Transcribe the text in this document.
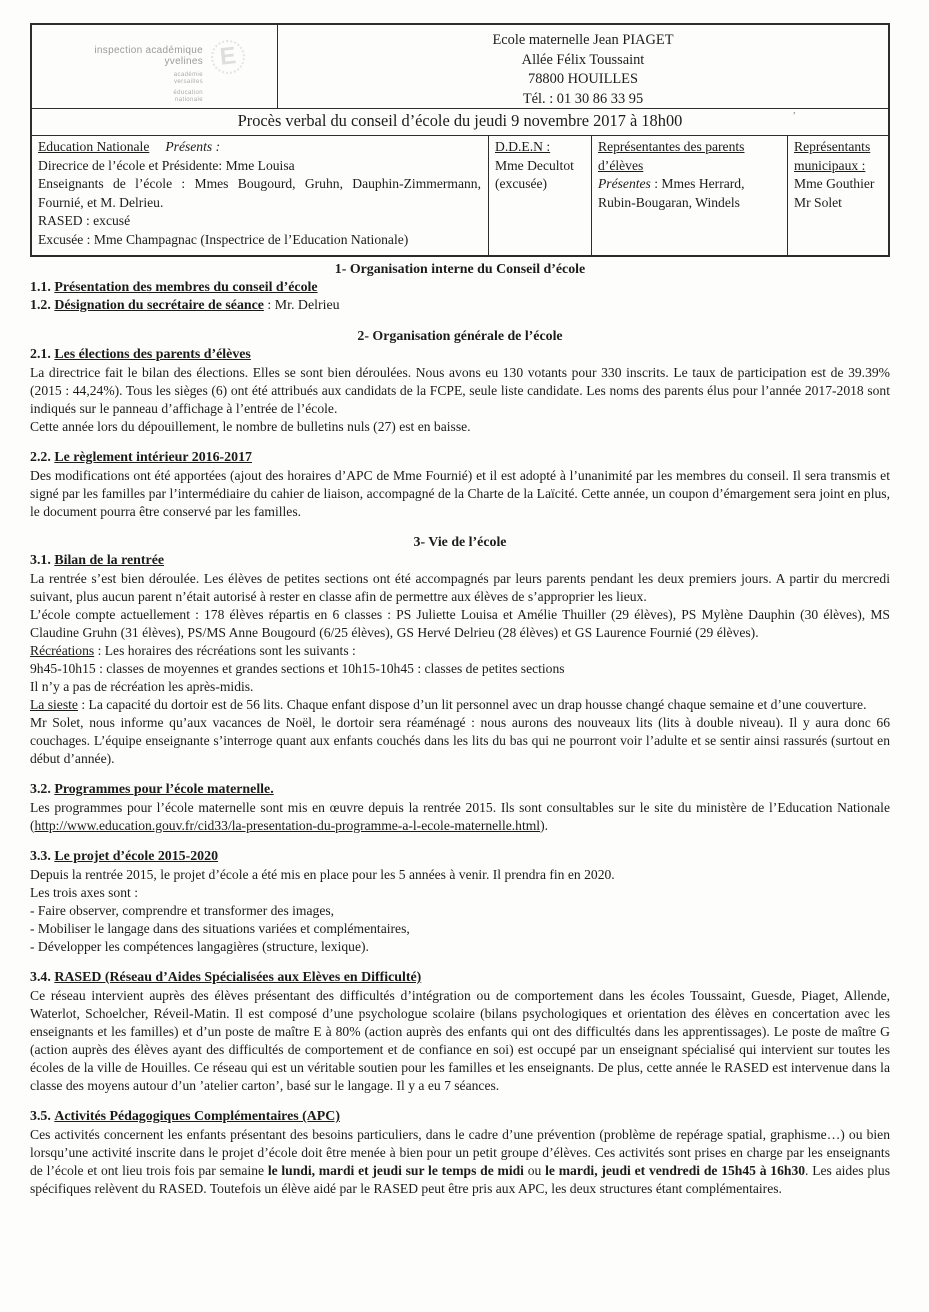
E
inspection académique
yvelines
académie
versailles
éducation
nationale
Ecole maternelle Jean PIAGET
Allée Félix Toussaint
78800 HOUILLES
Tél. : 01 30 86 33 95
Procès verbal du conseil d’école du jeudi 9 novembre 2017 à 18h00	’

Education Nationale Présents :

Direcrice de l’école et Présidente: Mme Louisa

Enseignants de l’école : Mmes Bougourd, Gruhn, Dauphin-Zimmermann, Fournié, et M. Delrieu.

RASED : excusé

Excusée : Mme Champagnac (Inspectrice de l’Education Nationale)

D.D.E.N :

Mme Decultot (excusée)

Représentantes des parents d’élèves

Présentes : Mmes Herrard, Rubin-Bougaran, Windels

Représentants municipaux :

Mme Gouthier

Mr Solet

1- Organisation interne du Conseil d’école

1.1. Présentation des membres du conseil d’école

1.2. Désignation du secrétaire de séance : Mr. Delrieu

2- Organisation générale de l’école

2.1. Les élections des parents d’élèves

La directrice fait le bilan des élections. Elles se sont bien déroulées. Nous avons eu 130 votants pour 330 inscrits. Le taux de participation est de 39.39% (2015 : 44,24%). Tous les sièges (6) ont été attribués aux candidats de la FCPE, seule liste candidate. Les noms des parents élus pour l’année 2017-2018 sont indiqués sur le panneau d’affichage à l’entrée de l’école.

Cette année lors du dépouillement, le nombre de bulletins nuls (27) est en baisse.

2.2. Le règlement intérieur 2016-2017

Des modifications ont été apportées (ajout des horaires d’APC de Mme Fournié) et il est adopté à l’unanimité par les membres du conseil. Il sera transmis et signé par les familles par l’intermédiaire du cahier de liaison, accompagné de la Charte de la Laïcité. Cette année, un coupon d’émargement sera joint en plus, le document pourra être conservé par les familles.

3- Vie de l’école

3.1. Bilan de la rentrée

La rentrée s’est bien déroulée. Les élèves de petites sections ont été accompagnés par leurs parents pendant les deux premiers jours. A partir du mercredi suivant, plus aucun parent n’était autorisé à rester en classe afin de permettre aux élèves de s’approprier les lieux.

L’école compte actuellement : 178 élèves répartis en 6 classes : PS Juliette Louisa et Amélie Thuiller (29 élèves), PS Mylène Dauphin (30 élèves), MS Claudine Gruhn (31 élèves), PS/MS Anne Bougourd (6/25 élèves), GS Hervé Delrieu (28 élèves) et GS Laurence Fournié (29 élèves).

Récréations : Les horaires des récréations sont les suivants :

9h45-10h15 : classes de moyennes et grandes sections et 10h15-10h45 : classes de petites sections

Il n’y a pas de récréation les après-midis.

La sieste : La capacité du dortoir est de 56 lits. Chaque enfant dispose d’un lit personnel avec un drap housse changé chaque semaine et d’une couverture.

Mr Solet, nous informe qu’aux vacances de Noël, le dortoir sera réaménagé : nous aurons des nouveaux lits (lits à double niveau). Il y aura donc 66 couchages. L’équipe enseignante s’interroge quant aux enfants couchés dans les lits du bas qui ne pourront voir l’adulte et se sentir ainsi rassurés (surtout en début d’année).

3.2. Programmes pour l’école maternelle.

Les programmes pour l’école maternelle sont mis en œuvre depuis la rentrée 2015. Ils sont consultables sur le site du ministère de l’Education Nationale (http://www.education.gouv.fr/cid33/la-presentation-du-programme-a-l-ecole-maternelle.html).

3.3. Le projet d’école 2015-2020

Depuis la rentrée 2015, le projet d’école a été mis en place pour les 5 années à venir. Il prendra fin en 2020.

Les trois axes sont :

- Faire observer, comprendre et transformer des images,

- Mobiliser le langage dans des situations variées et complémentaires,

- Développer les compétences langagières (structure, lexique).

3.4. RASED (Réseau d’Aides Spécialisées aux Elèves en Difficulté)

Ce réseau intervient auprès des élèves présentant des difficultés d’intégration ou de comportement dans les écoles Toussaint, Guesde, Piaget, Allende, Waterlot, Schoelcher, Réveil-Matin. Il est composé d’une psychologue scolaire (bilans psychologiques et orientation des élèves en concertation avec les enseignants et les familles) et d’un poste de maître E à 80% (action auprès des enfants qui ont des difficultés dans les apprentissages). Le poste de maître G (action auprès des élèves ayant des difficultés de comportement et de confiance en soi) est occupé par un enseignant spécialisé qui intervient sur toutes les écoles de la ville de Houilles. Ce réseau qui est un véritable soutien pour les familles et les enseignants. De plus, cette année le RASED est intervenue dans la classe des moyens autour d’un ’atelier carton’, basé sur le langage. Il y a eu 7 séances.

3.5. Activités Pédagogiques Complémentaires (APC)

Ces activités concernent les enfants présentant des besoins particuliers, dans le cadre d’une prévention (problème de repérage spatial, graphisme…) ou bien lorsqu’une activité inscrite dans le projet d’école doit être menée à bien pour un petit groupe d’élèves. Ces activités sont prises en charge par les enseignants de l’école et ont lieu trois fois par semaine le lundi, mardi et jeudi sur le temps de midi ou le mardi, jeudi et vendredi de 15h45 à 16h30. Les aides plus spécifiques relèvent du RASED. Toutefois un élève aidé par le RASED peut être pris aux APC, les deux structures étant complémentaires.
